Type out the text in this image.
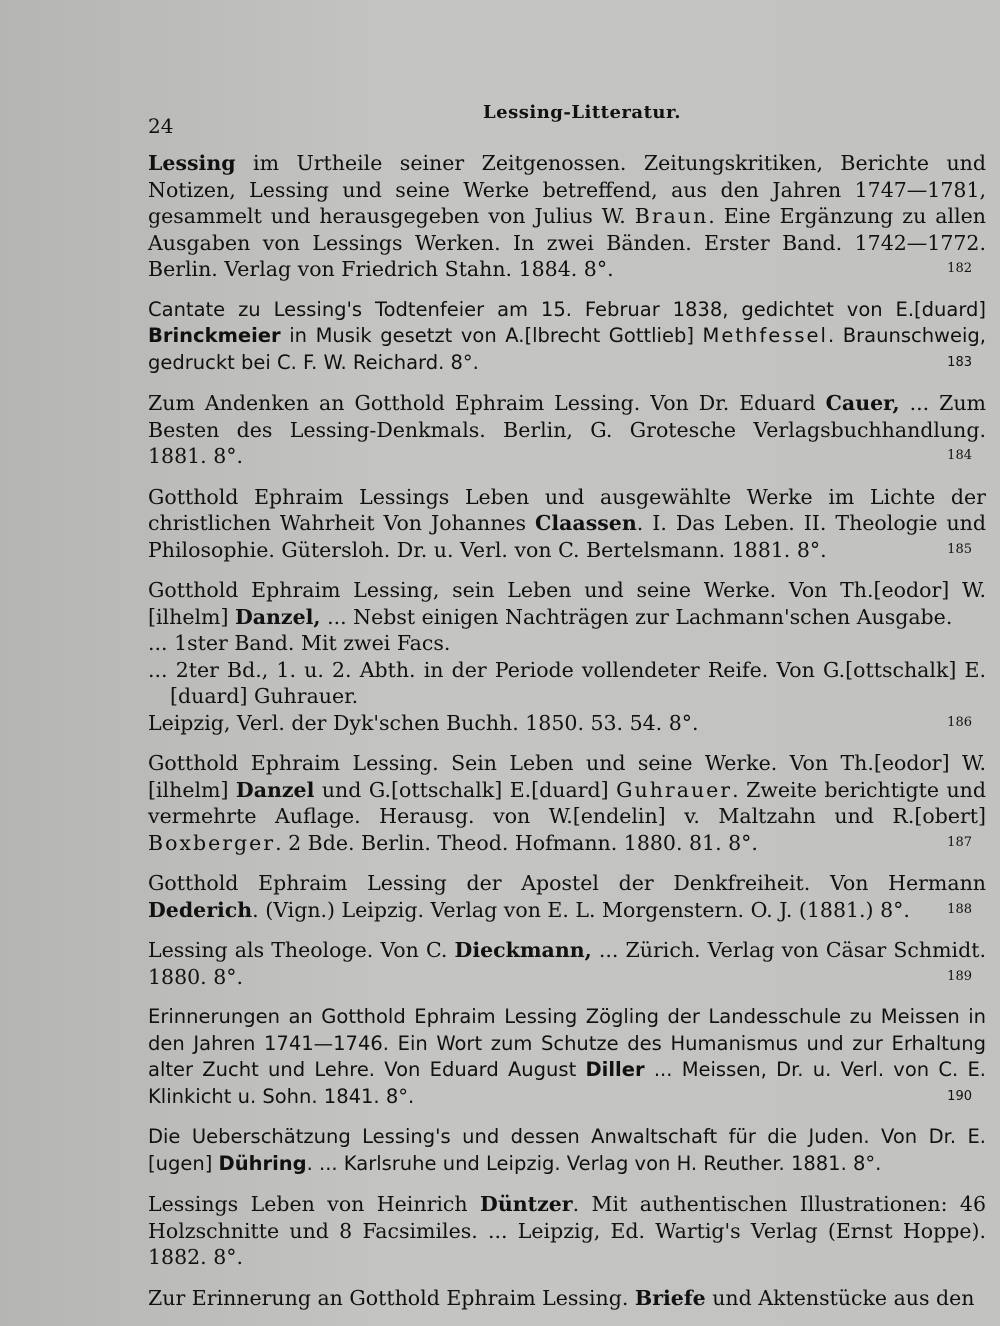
24
Lessing-Litteratur.
Lessing im Urtheile seiner Zeitgenossen. Zeitungskritiken, Berichte und Notizen, Lessing und seine Werke betreffend, aus den Jahren 1747—1781, gesammelt und herausgegeben von Julius W. Braun. Eine Ergänzung zu allen Ausgaben von Lessings Werken. In zwei Bänden. Erster Band. 1742—1772. Berlin. Verlag von Friedrich Stahn. 1884. 8°.	182
Cantate zu Lessing's Todtenfeier am 15. Februar 1838, gedichtet von E.[duard] Brinckmeier in Musik gesetzt von A.[lbrecht Gottlieb] Methfessel. Braunschweig, gedruckt bei C. F. W. Reichard. 8°.	183
Zum Andenken an Gotthold Ephraim Lessing. Von Dr. Eduard Cauer, ... Zum Besten des Lessing-Denkmals. Berlin, G. Grotesche Verlagsbuchhandlung. 1881. 8°.	184
Gotthold Ephraim Lessings Leben und ausgewählte Werke im Lichte der christlichen Wahrheit Von Johannes Claassen. I. Das Leben. II. Theologie und Philosophie. Gütersloh. Dr. u. Verl. von C. Bertelsmann. 1881. 8°.	185
Gotthold Ephraim Lessing, sein Leben und seine Werke. Von Th.[eodor] W.[ilhelm] Danzel, ... Nebst einigen Nachträgen zur Lachmann'schen Ausgabe.
... 1ster Band. Mit zwei Facs.
... 2ter Bd., 1. u. 2. Abth. in der Periode vollendeter Reife. Von G.[ottschalk] E.[duard] Guhrauer.
Leipzig, Verl. der Dyk'schen Buchh. 1850. 53. 54. 8°.	186
Gotthold Ephraim Lessing. Sein Leben und seine Werke. Von Th.[eodor] W.[ilhelm] Danzel und G.[ottschalk] E.[duard] Guhrauer. Zweite berichtigte und vermehrte Auflage. Herausg. von W.[endelin] v. Maltzahn und R.[obert] Boxberger. 2 Bde. Berlin. Theod. Hofmann. 1880. 81. 8°.	187
Gotthold Ephraim Lessing der Apostel der Denkfreiheit. Von Hermann Dederich. (Vign.) Leipzig. Verlag von E. L. Morgenstern. O. J. (1881.) 8°.	188
Lessing als Theologe. Von C. Dieckmann, ... Zürich. Verlag von Cäsar Schmidt. 1880. 8°.	189
Erinnerungen an Gotthold Ephraim Lessing Zögling der Landesschule zu Meissen in den Jahren 1741—1746. Ein Wort zum Schutze des Humanismus und zur Erhaltung alter Zucht und Lehre. Von Eduard August Diller ... Meissen, Dr. u. Verl. von C. E. Klinkicht u. Sohn. 1841. 8°.	190
Die Ueberschätzung Lessing's und dessen Anwaltschaft für die Juden. Von Dr. E.[ugen] Dühring. ... Karlsruhe und Leipzig. Verlag von H. Reuther. 1881. 8°.
Lessings Leben von Heinrich Düntzer. Mit authentischen Illustrationen: 46 Holzschnitte und 8 Facsimiles. ... Leipzig, Ed. Wartig's Verlag (Ernst Hoppe). 1882. 8°.
Zur Erinnerung an Gotthold Ephraim Lessing. Briefe und Aktenstücke aus den
